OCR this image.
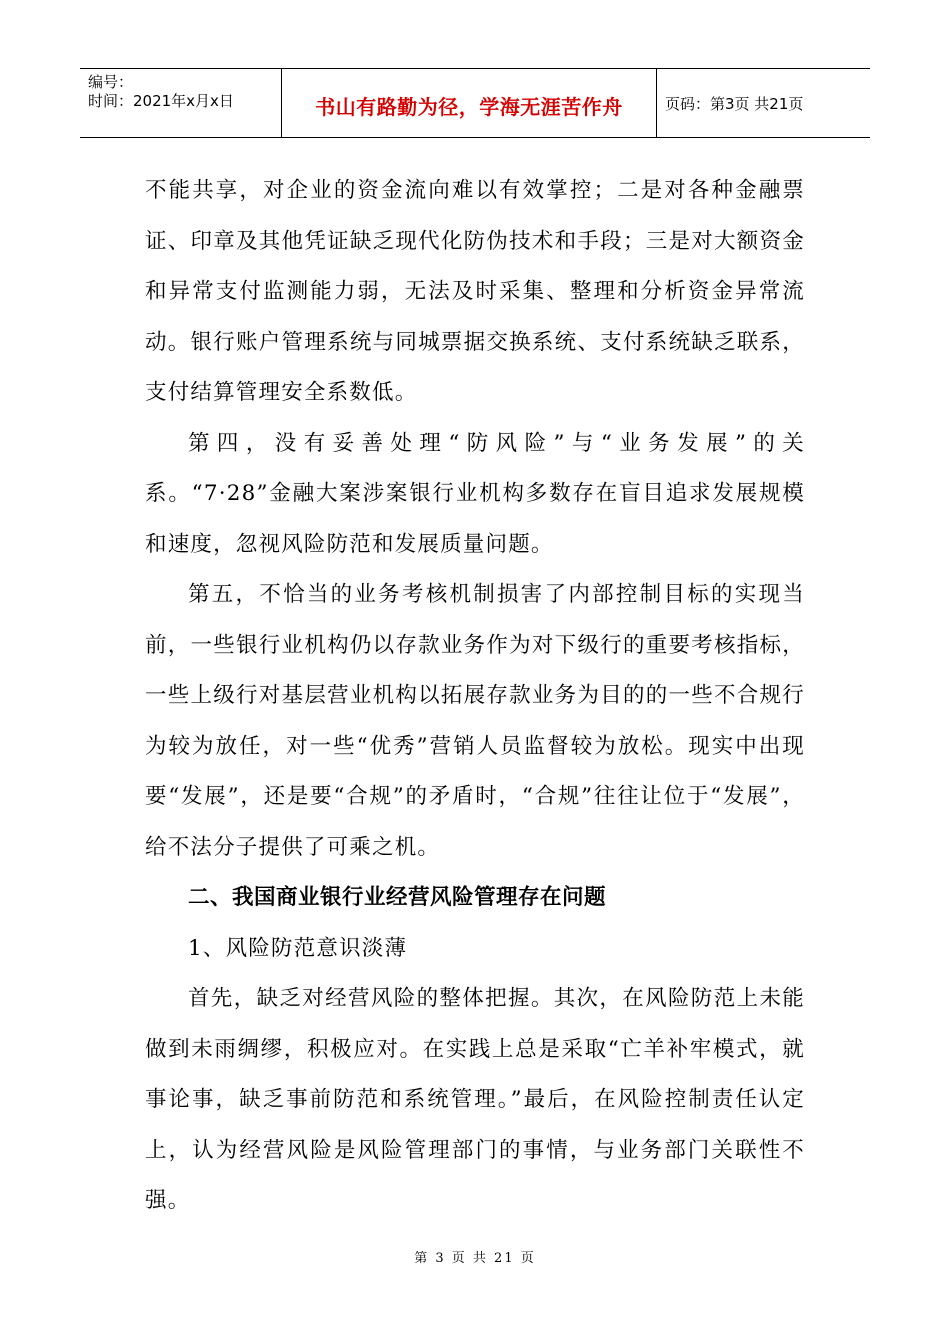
编号：
时间：2021年x月x日	书山有路勤为径，学海无涯苦作舟	页码：第3页 共21页

不能共享，对企业的资金流向难以有效掌控；二是对各种金融票证、印章及其他凭证缺乏现代化防伪技术和手段；三是对大额资金和异常支付监测能力弱，无法及时采集、整理和分析资金异常流动。银行账户管理系统与同城票据交换系统、支付系统缺乏联系，支付结算管理安全系数低。

第四，没有妥善处理“防风险”与“业务发展”的关系。“7·28”金融大案涉案银行业机构多数存在盲目追求发展规模和速度，忽视风险防范和发展质量问题。

第五，不恰当的业务考核机制损害了内部控制目标的实现当前，一些银行业机构仍以存款业务作为对下级行的重要考核指标，一些上级行对基层营业机构以拓展存款业务为目的的一些不合规行为较为放任，对一些“优秀”营销人员监督较为放松。现实中出现要“发展”，还是要“合规”的矛盾时，“合规”往往让位于“发展”，给不法分子提供了可乘之机。

二、我国商业银行业经营风险管理存在问题

1、风险防范意识淡薄

首先，缺乏对经营风险的整体把握。其次，在风险防范上未能做到未雨绸缪，积极应对。在实践上总是采取“亡羊补牢模式，就事论事，缺乏事前防范和系统管理。”最后，在风险控制责任认定上，认为经营风险是风险管理部门的事情，与业务部门关联性不强。

第 3 页 共 21 页
